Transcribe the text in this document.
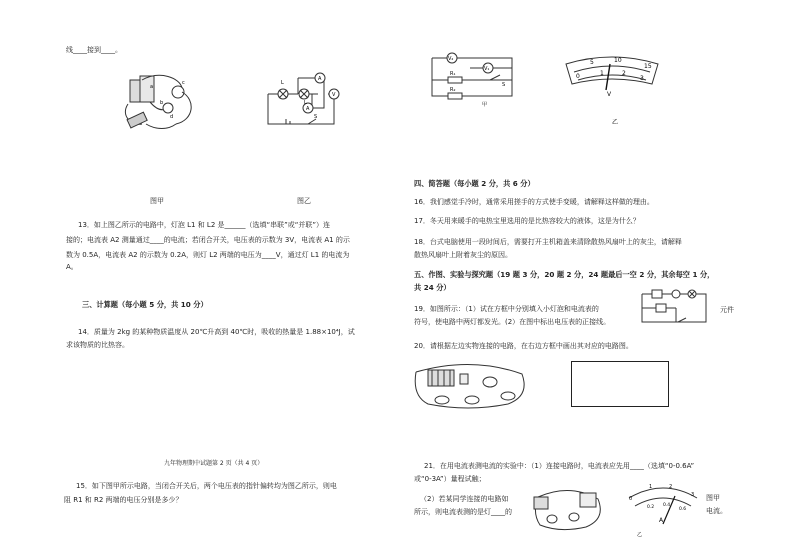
线____接到____。
a
b
c
d
L
L
A
A
V
S
图甲	图乙
13．如上图乙所示的电路中，灯泡 L1 和 L2 是______（选填“串联”或“并联”）连
接的；电流表 A2 测量通过____的电流；若闭合开关，电压表的示数为 3V，电流表 A1 的示
数为 0.5A，电流表 A2 的示数为 0.2A，则灯 L2 两端的电压为____V，通过灯 L1 的电流为
A。
三、计算题（每小题 5 分，共 10 分）
14．质量为 2kg 的某种物质温度从 20℃升高到 40℃时，吸收的热量是 1.88×10⁴J，试
求该物质的比热容。
九年物理期中试题第 2 页（共 4 页）
15．如下图甲所示电路，当闭合开关后，两个电压表的指针偏转均为图乙所示，则电
阻 R1 和 R2 两端的电压分别是多少？
V₂
V₁
R₁
R₂
S
甲
5	10
15
0	1	2
3
V
乙
四、简答题（每小题 2 分，共 6 分）
16．我们感觉手冷时，通常采用搓手的方式使手变暖，请解释这样做的理由。
17．冬天用来暖手的电热宝里选用的是比热容较大的液体，这是为什么？
18．台式电脑使用一段时间后，需要打开主机箱盖来清除散热风扇叶上的灰尘，请解释
散热风扇叶上附着灰尘的原因。
五、作图、实验与探究题（19 题 3 分，20 题 2 分，24 题最后一空 2 分，其余每空 1 分，
共 24 分）
19．如图所示：（1）试在方框中分别填入小灯泡和电流表的
符号，使电路中两灯都发光。(2）在图中标出电压表的正接线。
元件
20．请根据左边实物连接的电路，在右边方框中画出其对应的电路图。
21．在用电流表测电流的实验中：（1）连接电路时，电流表应先用____（选填“0-0.6A”
或“0-3A”）量程试触；
（2）若某同学连接的电路如
所示，则电流表测的是灯____的
0
1	2
3
0.2 0.4
0.6
A
乙
图甲
电流。
